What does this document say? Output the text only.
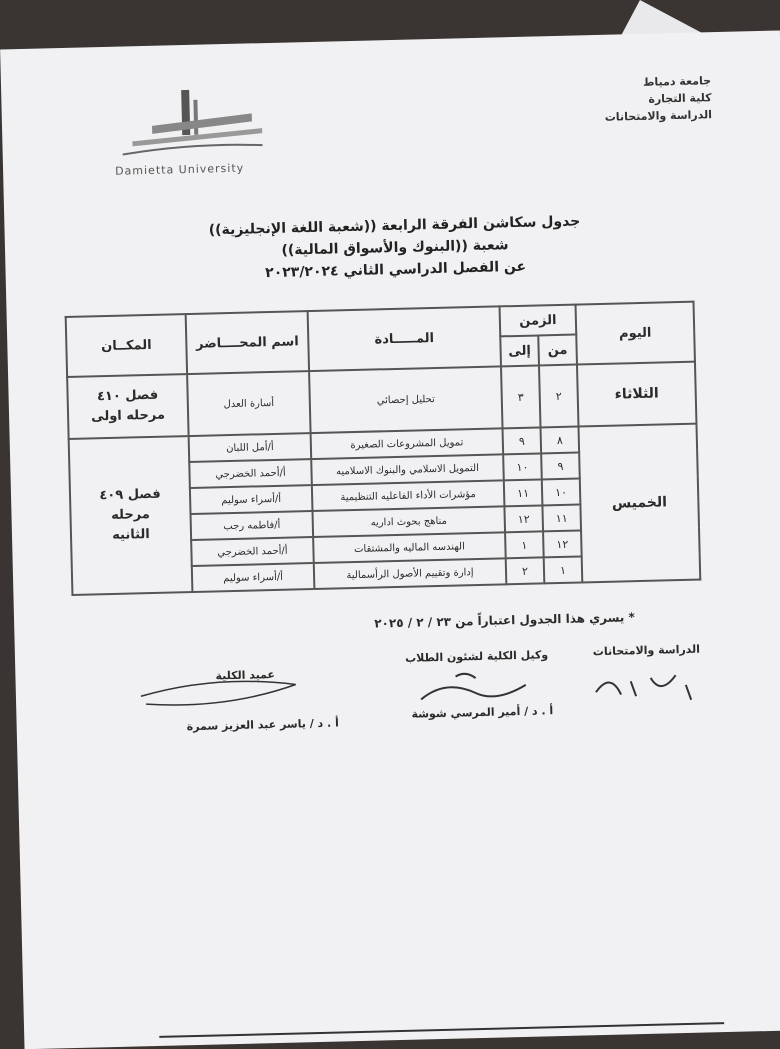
جامعة دمياط
كلية التجارة
الدراسة والامتحانات
Damietta University
جدول سكاشن الفرقة الرابعة ((شعبة اللغة الإنجليزية))
شعبة ((البنوك والأسواق المالية))
عن الفصل الدراسي الثاني ٢٠٢٣/٢٠٢٤
اليوم	الزمن		المـــــادة	اسم المحــــاضر	المكــان
	من	إلى			
الثلاثاء	٢	٣	تحليل إحصائي	أسارة العدل	فصل ٤١٠
مرحله اولى

الخميس	٨	٩	تمويل المشروعات الصغيرة	أ/أمل اللبان	فصل ٤٠٩
مرحله
الثانيه

	٩	١٠	التمويل الاسلامي والبنوك الاسلاميه	أ/أحمد الخضرجي	
	١٠	١١	مؤشرات الأداء الفاعليه التنظيمية	أ/أسراء سوليم	
	١١	١٢	مناهج بحوث اداريه	أ/فاطمه رجب	
	١٢	١	الهندسه الماليه والمشتقات	أ/أحمد الخضرجي	
	١	٢	إدارة وتقييم الأصول الرأسمالية	أ/أسراء سوليم	
* يسري هذا الجدول اعتباراً من ٢٣ / ٢ / ٢٠٢٥
الدراسة والامتحانات
وكيل الكلية لشئون الطلاب
أ . د / أمير المرسي شوشة
عميد الكلية
أ . د / ياسر عبد العزيز سمرة
